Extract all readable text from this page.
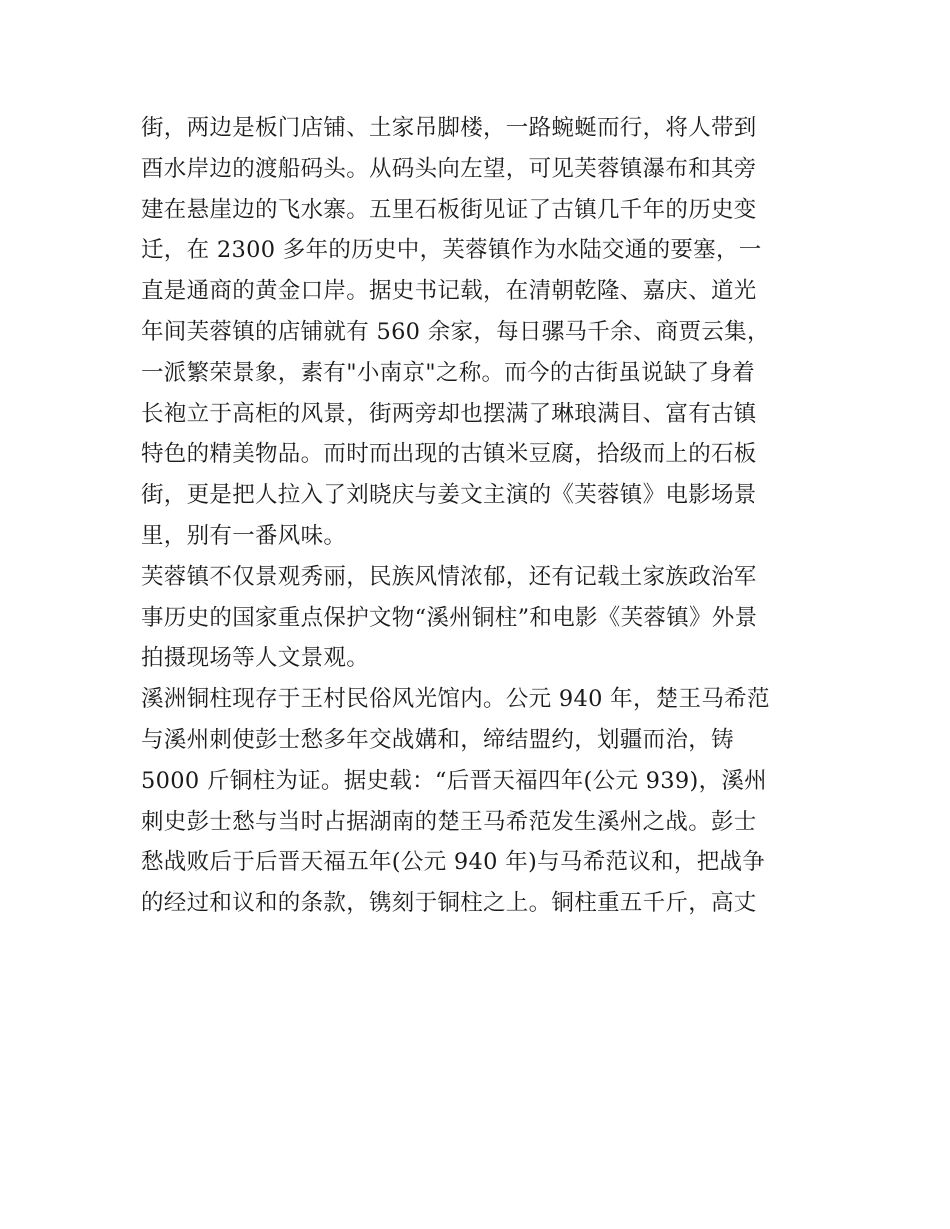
街，两边是板门店铺、土家吊脚楼，一路蜿蜒而行，将人带到
酉水岸边的渡船码头。从码头向左望，可见芙蓉镇瀑布和其旁
建在悬崖边的飞水寨。五里石板街见证了古镇几千年的历史变
迁，在 2300 多年的历史中，芙蓉镇作为水陆交通的要塞，一
直是通商的黄金口岸。据史书记载，在清朝乾隆、嘉庆、道光
年间芙蓉镇的店铺就有 560 余家，每日骡马千余、商贾云集，
一派繁荣景象，素有"小南京"之称。而今的古街虽说缺了身着
长袍立于高柜的风景，街两旁却也摆满了琳琅满目、富有古镇
特色的精美物品。而时而出现的古镇米豆腐，拾级而上的石板
街，更是把人拉入了刘晓庆与姜文主演的《芙蓉镇》电影场景
里，别有一番风味。
芙蓉镇不仅景观秀丽，民族风情浓郁，还有记载土家族政治军
事历史的国家重点保护文物“溪州铜柱”和电影《芙蓉镇》外景
拍摄现场等人文景观。
溪洲铜柱现存于王村民俗风光馆内。公元 940 年，楚王马希范
与溪州刺使彭士愁多年交战媾和，缔结盟约，划疆而治，铸
5000 斤铜柱为证。据史载：“后晋天福四年(公元 939)，溪州
刺史彭士愁与当时占据湖南的楚王马希范发生溪州之战。彭士
愁战败后于后晋天福五年(公元 940 年)与马希范议和，把战争
的经过和议和的条款，镌刻于铜柱之上。铜柱重五千斤，高丈
